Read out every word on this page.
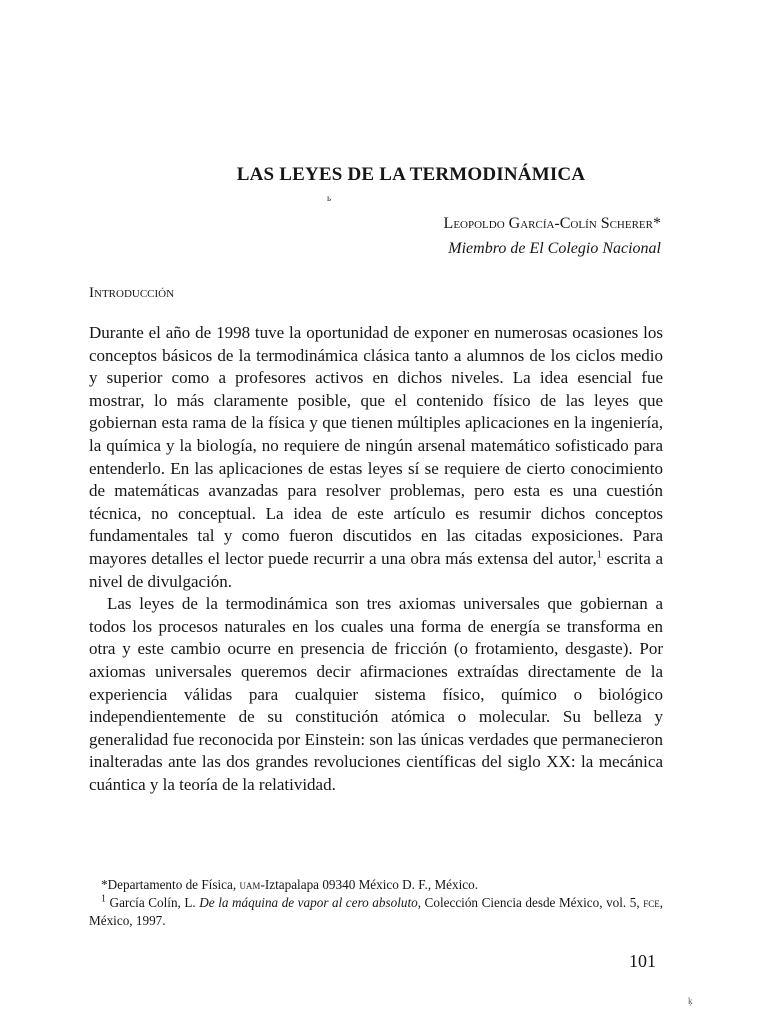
LAS LEYES DE LA TERMODINÁMICA
ь
Leopoldo García-Colín Scherer*
Miembro de El Colegio Nacional
Introducción

Durante el año de 1998 tuve la oportunidad de exponer en numerosas ocasiones los conceptos básicos de la termodinámica clásica tanto a alumnos de los ciclos medio y superior como a profesores activos en dichos niveles. La idea esencial fue mostrar, lo más claramente posible, que el contenido físico de las leyes que gobiernan esta rama de la física y que tienen múltiples aplicaciones en la ingeniería, la química y la biología, no requiere de ningún arsenal matemático sofisticado para entenderlo. En las aplicaciones de estas leyes sí se requiere de cierto conocimiento de matemáticas avanzadas para resolver problemas, pero esta es una cuestión técnica, no conceptual. La idea de este artículo es resumir dichos conceptos fundamentales tal y como fueron discutidos en las citadas exposiciones. Para mayores detalles el lector puede recurrir a una obra más extensa del autor,$^1$ escrita a nivel de divulgación.

Las leyes de la termodinámica son tres axiomas universales que gobiernan a todos los procesos naturales en los cuales una forma de energía se transforma en otra y este cambio ocurre en presencia de fricción (o frotamiento, desgaste). Por axiomas universales queremos decir afirmaciones extraídas directamente de la experiencia válidas para cualquier sistema físico, químico o biológico independientemente de su constitución atómica o molecular. Su belleza y generalidad fue reconocida por Einstein: son las únicas verdades que permanecieron inalteradas ante las dos grandes revoluciones científicas del siglo XX: la mecánica cuántica y la teoría de la relatividad.

*Departamento de Física, uam-Iztapalapa 09340 México D. F., México.

$^1$ García Colín, L. De la máquina de vapor al cero absoluto, Colección Ciencia desde México, vol. 5, fce, México, 1997.

101
ķ
